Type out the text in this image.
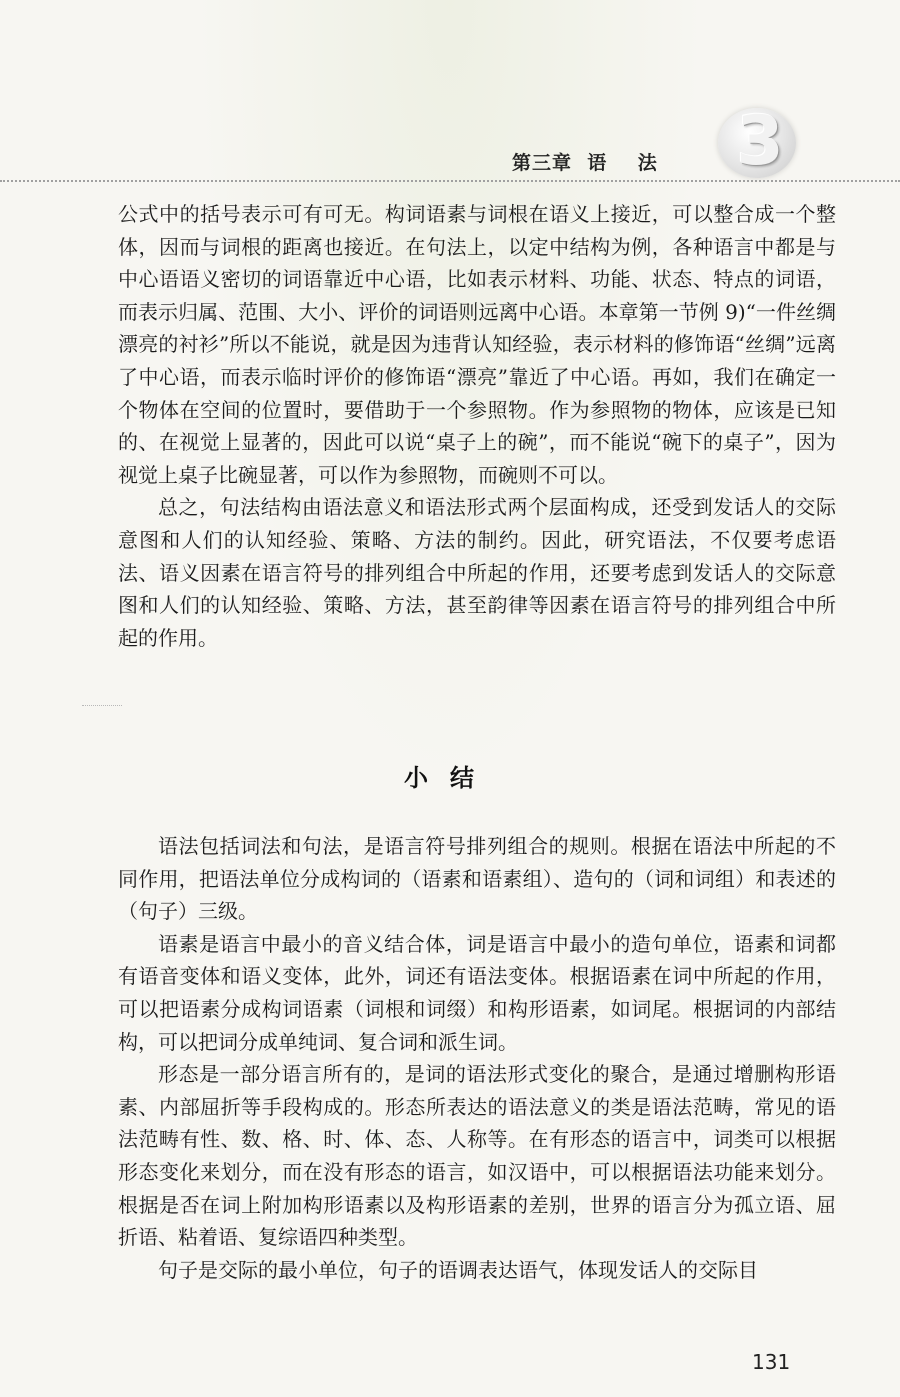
第三章  语    法 3

公式中的括号表示可有可无。构词语素与词根在语义上接近，可以整合成一个整体，因而与词根的距离也接近。在句法上，以定中结构为例，各种语言中都是与中心语语义密切的词语靠近中心语，比如表示材料、功能、状态、特点的词语，而表示归属、范围、大小、评价的词语则远离中心语。本章第一节例 9)“一件丝绸漂亮的衬衫”所以不能说，就是因为违背认知经验，表示材料的修饰语“丝绸”远离了中心语，而表示临时评价的修饰语“漂亮”靠近了中心语。再如，我们在确定一个物体在空间的位置时，要借助于一个参照物。作为参照物的物体，应该是已知的、在视觉上显著的，因此可以说“桌子上的碗”，而不能说“碗下的桌子”，因为视觉上桌子比碗显著，可以作为参照物，而碗则不可以。

总之，句法结构由语法意义和语法形式两个层面构成，还受到发话人的交际意图和人们的认知经验、策略、方法的制约。因此，研究语法，不仅要考虑语法、语义因素在语言符号的排列组合中所起的作用，还要考虑到发话人的交际意图和人们的认知经验、策略、方法，甚至韵律等因素在语言符号的排列组合中所起的作用。

小结

语法包括词法和句法，是语言符号排列组合的规则。根据在语法中所起的不同作用，把语法单位分成构词的（语素和语素组）、造句的（词和词组）和表述的（句子）三级。

语素是语言中最小的音义结合体，词是语言中最小的造句单位，语素和词都有语音变体和语义变体，此外，词还有语法变体。根据语素在词中所起的作用，可以把语素分成构词语素（词根和词缀）和构形语素，如词尾。根据词的内部结构，可以把词分成单纯词、复合词和派生词。

形态是一部分语言所有的，是词的语法形式变化的聚合，是通过增删构形语素、内部屈折等手段构成的。形态所表达的语法意义的类是语法范畴，常见的语法范畴有性、数、格、时、体、态、人称等。在有形态的语言中，词类可以根据形态变化来划分，而在没有形态的语言，如汉语中，可以根据语法功能来划分。根据是否在词上附加构形语素以及构形语素的差别，世界的语言分为孤立语、屈折语、粘着语、复综语四种类型。

句子是交际的最小单位，句子的语调表达语气，体现发话人的交际目

131
